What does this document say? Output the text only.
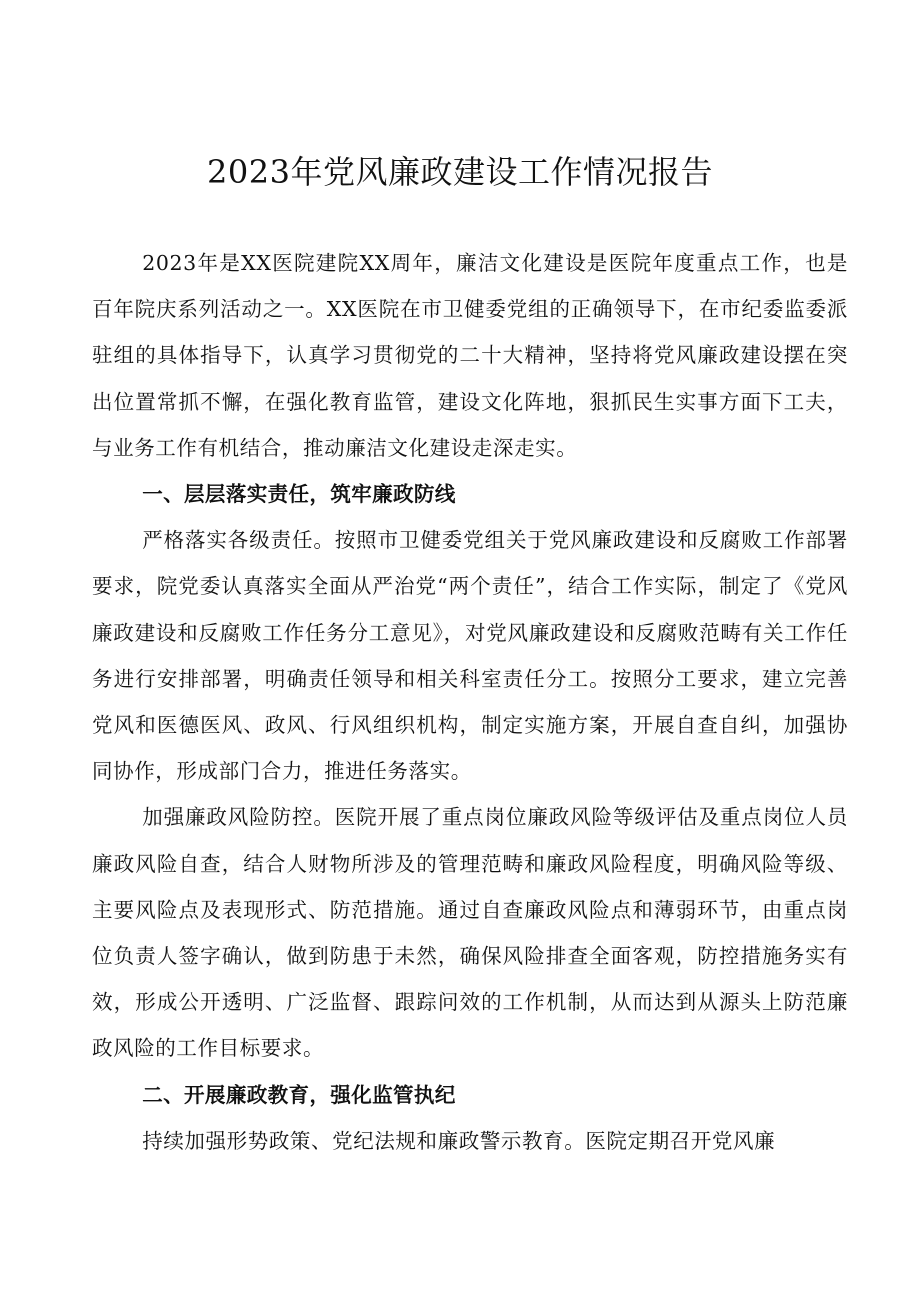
2023年党风廉政建设工作情况报告

2023年是XX医院建院XX周年，廉洁文化建设是医院年度重点工作，也是百年院庆系列活动之一。XX医院在市卫健委党组的正确领导下，在市纪委监委派驻组的具体指导下，认真学习贯彻党的二十大精神，坚持将党风廉政建设摆在突出位置常抓不懈，在强化教育监管，建设文化阵地，狠抓民生实事方面下工夫，与业务工作有机结合，推动廉洁文化建设走深走实。

一、层层落实责任，筑牢廉政防线

严格落实各级责任。按照市卫健委党组关于党风廉政建设和反腐败工作部署要求，院党委认真落实全面从严治党“两个责任”，结合工作实际，制定了《党风廉政建设和反腐败工作任务分工意见》，对党风廉政建设和反腐败范畴有关工作任务进行安排部署，明确责任领导和相关科室责任分工。按照分工要求，建立完善党风和医德医风、政风、行风组织机构，制定实施方案，开展自查自纠，加强协同协作，形成部门合力，推进任务落实。

加强廉政风险防控。医院开展了重点岗位廉政风险等级评估及重点岗位人员廉政风险自查，结合人财物所涉及的管理范畴和廉政风险程度，明确风险等级、主要风险点及表现形式、防范措施。通过自查廉政风险点和薄弱环节，由重点岗位负责人签字确认，做到防患于未然，确保风险排查全面客观，防控措施务实有效，形成公开透明、广泛监督、跟踪问效的工作机制，从而达到从源头上防范廉政风险的工作目标要求。

二、开展廉政教育，强化监管执纪

持续加强形势政策、党纪法规和廉政警示教育。医院定期召开党风廉
